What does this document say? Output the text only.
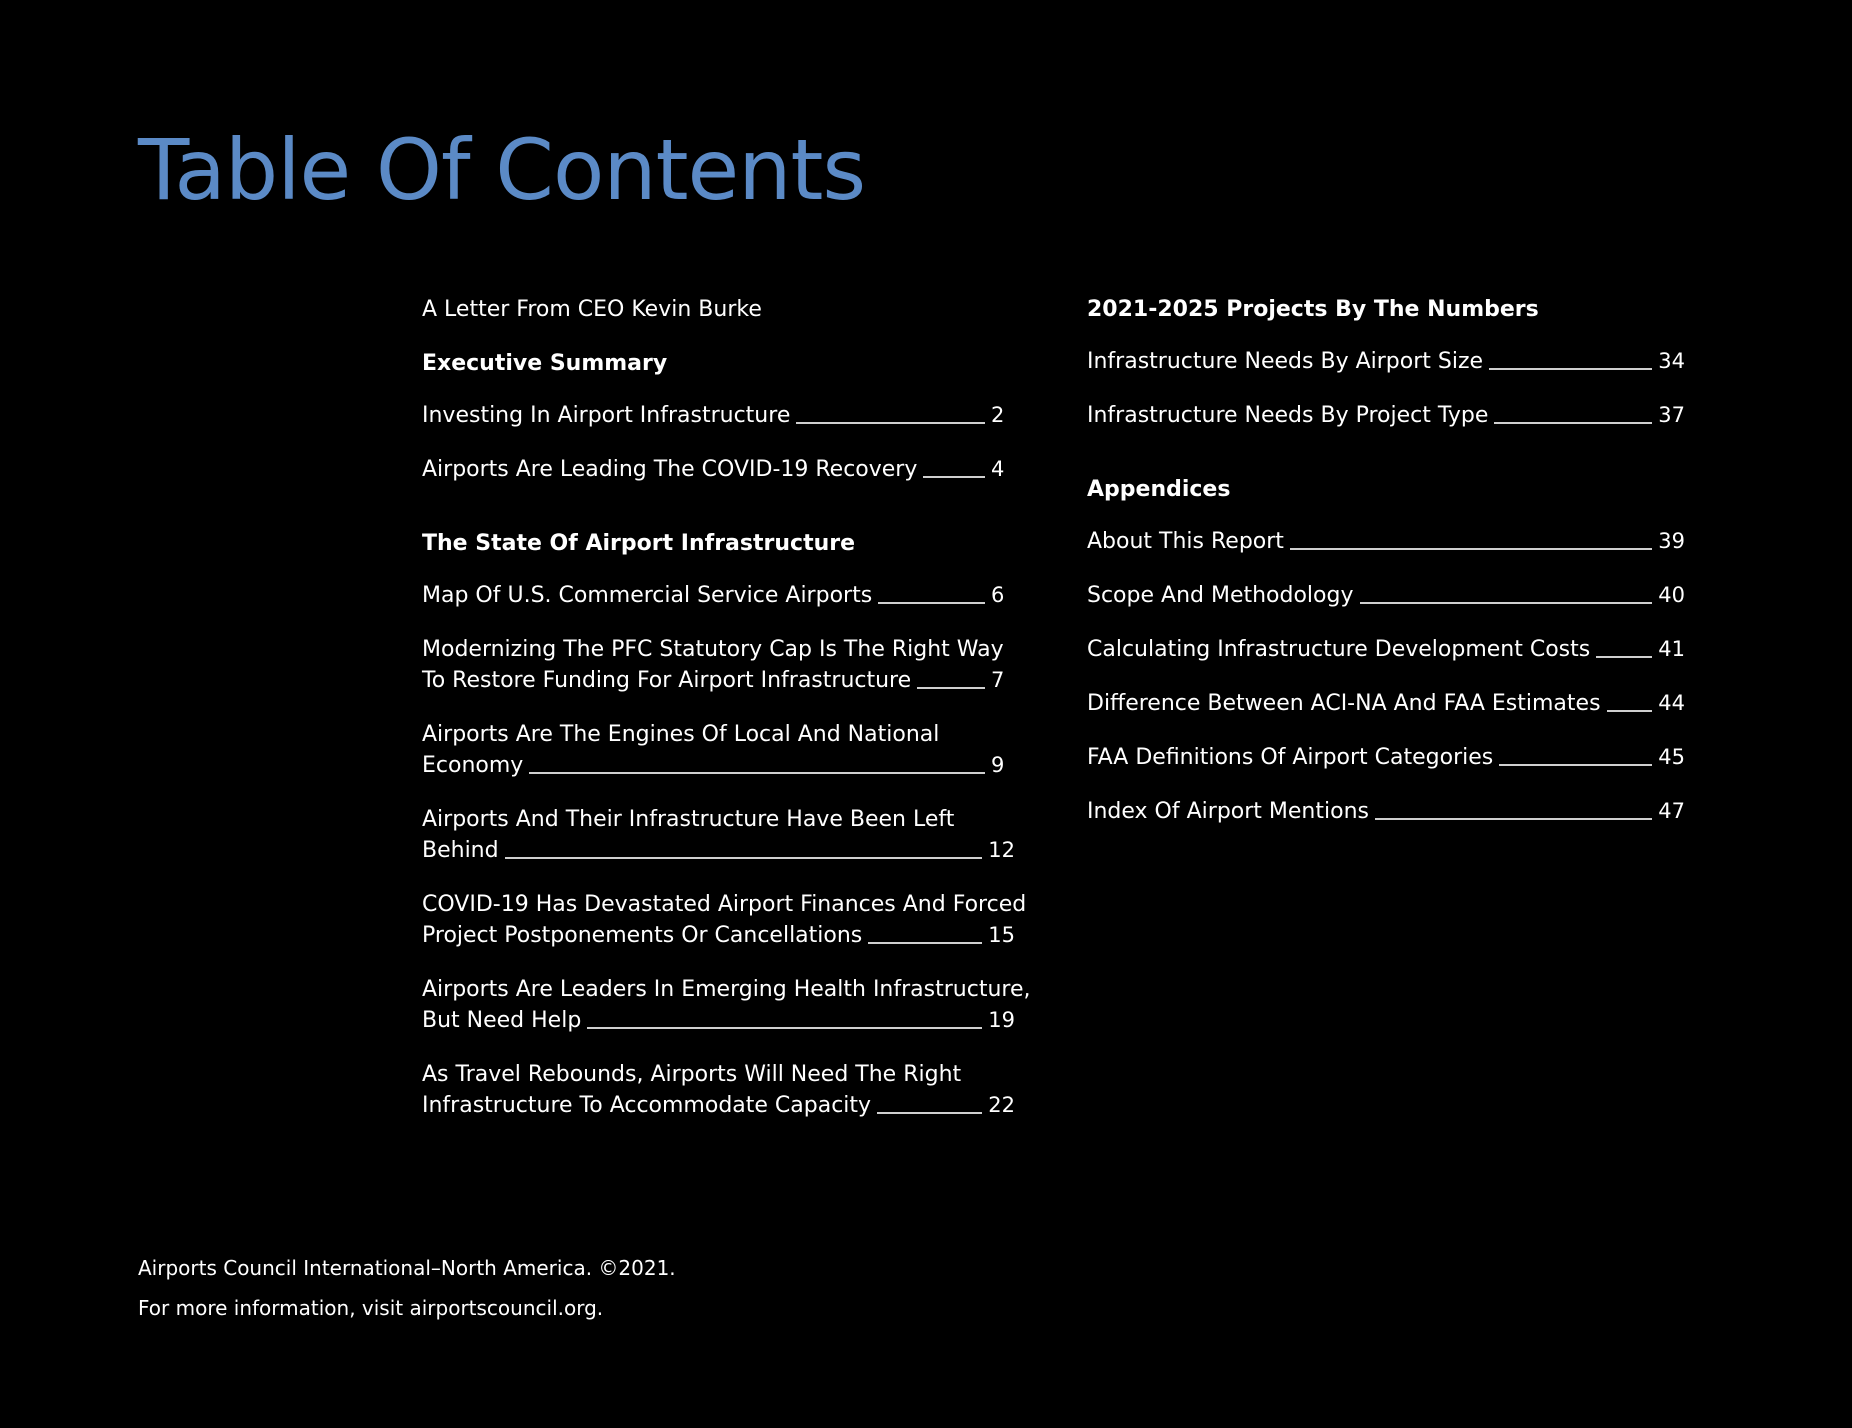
Table Of Contents
A Letter From CEO Kevin Burke
Executive Summary
Investing In Airport Infrastructure	2
Airports Are Leading The COVID-19 Recovery	4
The State Of Airport Infrastructure
Map Of U.S. Commercial Service Airports	6
Modernizing The PFC Statutory Cap Is The Right Way
To Restore Funding For Airport Infrastructure	7
Airports Are The Engines Of Local And National
Economy	9
Airports And Their Infrastructure Have Been Left
Behind	12
COVID-19 Has Devastated Airport Finances And Forced
Project Postponements Or Cancellations	15
Airports Are Leaders In Emerging Health Infrastructure,
But Need Help	19
As Travel Rebounds, Airports Will Need The Right
Infrastructure To Accommodate Capacity	22
2021-2025 Projects By The Numbers
Infrastructure Needs By Airport Size	34
Infrastructure Needs By Project Type	37
Appendices
About This Report	39
Scope And Methodology	40
Calculating Infrastructure Development Costs	41
Difference Between ACI-NA And FAA Estimates	44
FAA Definitions Of Airport Categories	45
Index Of Airport Mentions	47
Airports Council International–North America. ©2021.
For more information, visit airportscouncil.org.
